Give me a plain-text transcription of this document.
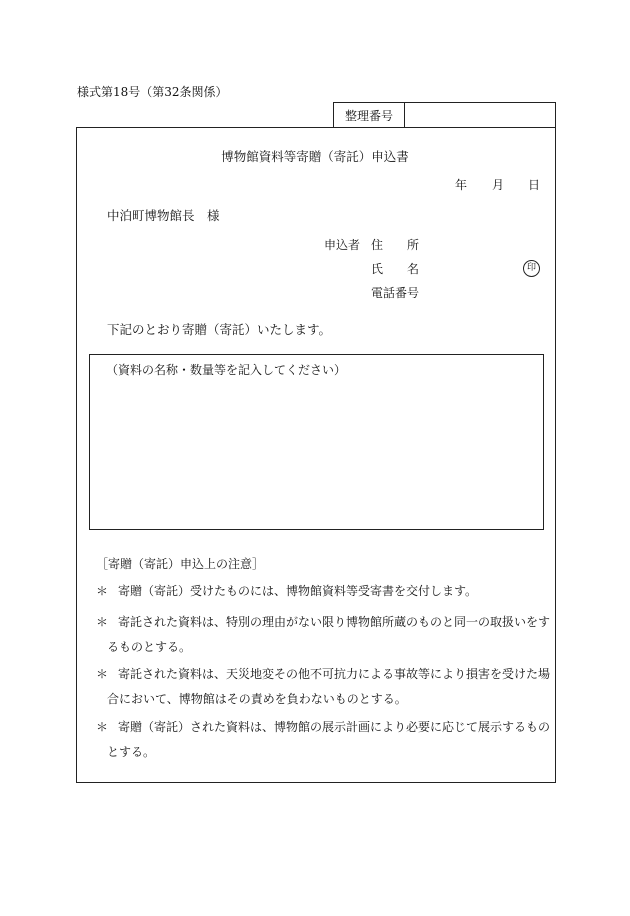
様式第18号（第32条関係）
整理番号
博物館資料等寄贈（寄託）申込書
年 月 日
中泊町博物館長　様
申込者 住　　所
氏　　名	印
電話番号
下記のとおり寄贈（寄託）いたします。
（資料の名称・数量等を記入してください）
［寄贈（寄託）申込上の注意］
＊ 寄贈（寄託）受けたものには、博物館資料等受寄書を交付します。
＊ 寄託された資料は、特別の理由がない限り博物館所蔵のものと同一の取扱いをするものとする。
＊ 寄託された資料は、天災地変その他不可抗力による事故等により損害を受けた場合において、博物館はその責めを負わないものとする。
＊ 寄贈（寄託）された資料は、博物館の展示計画により必要に応じて展示するものとする。
